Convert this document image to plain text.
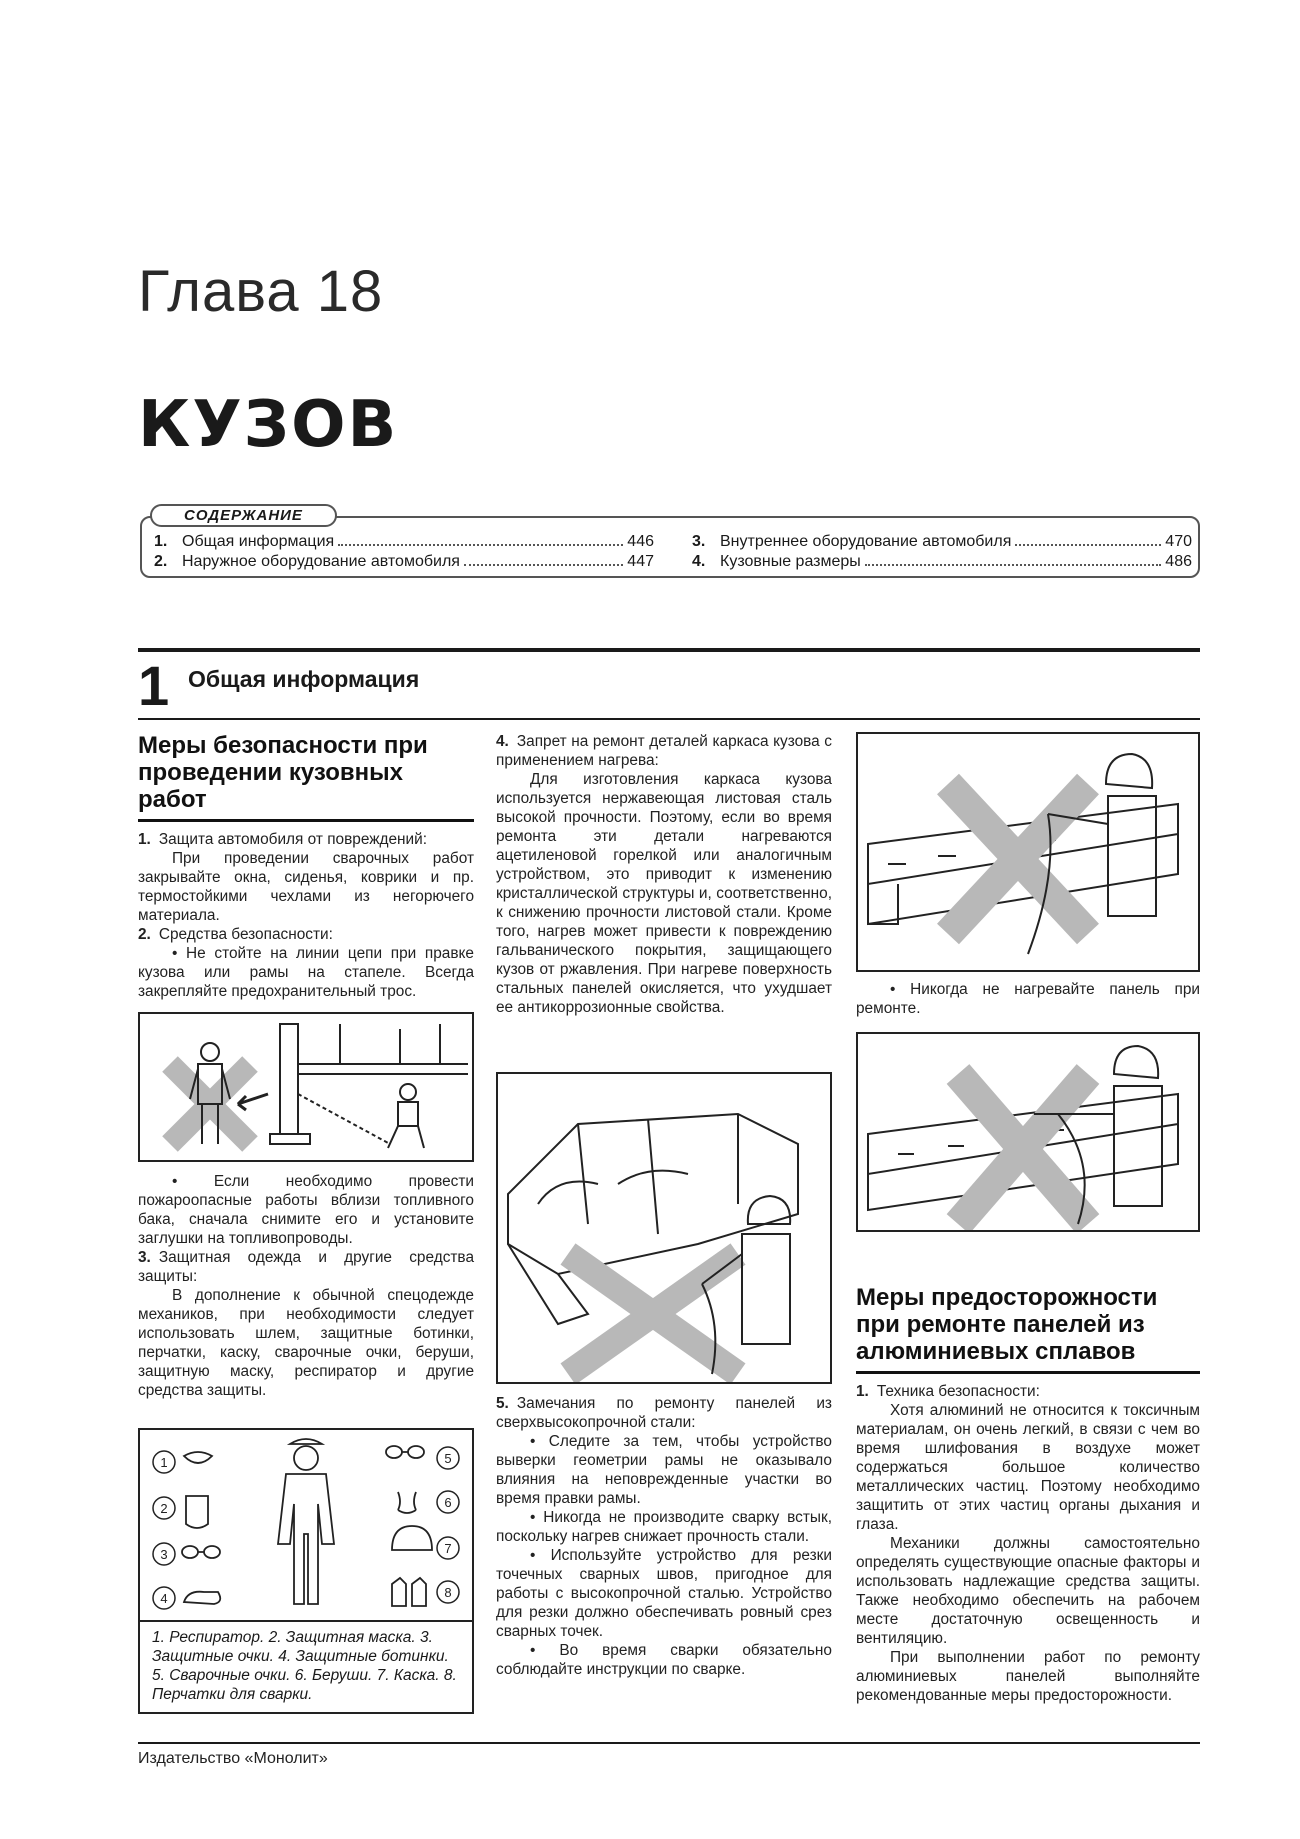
Глава 18
КУЗОВ
СОДЕРЖАНИЕ
1. Общая информация	446
2. Наружное оборудование автомобиля	447
3. Внутреннее оборудование автомобиля	470
4. Кузовные размеры	486
1 Общая информация
Меры безопасности при проведении кузовных работ

1. Защита автомобиля от повреждений:

При проведении сварочных работ закрывайте окна, сиденья, коврики и пр. термостойкими чехлами из негорючего материала.

2. Средства безопасности:

• Не стойте на линии цепи при правке кузова или рамы на стапеле. Всегда закрепляйте предохранительный трос.

• Если необходимо провести пожароопасные работы вблизи топливного бака, сначала снимите его и установите заглушки на топливопроводы.

3. Защитная одежда и другие средства защиты:

В дополнение к обычной спецодежде механиков, при необходимости следует использовать шлем, защитные ботинки, перчатки, каску, сварочные очки, беруши, защитную маску, респиратор и другие средства защиты.

1
2
3
4
5
6
7
8
1. Респиратор. 2. Защитная маска. 3. Защитные очки. 4. Защитные ботинки. 5. Сварочные очки. 6. Беруши. 7. Каска. 8. Перчатки для сварки.

4. Запрет на ремонт деталей каркаса кузова с применением нагрева:

Для изготовления каркаса кузова используется нержавеющая листовая сталь высокой прочности. Поэтому, если во время ремонта эти детали нагреваются ацетиленовой горелкой или аналогичным устройством, это приводит к изменению кристаллической структуры и, соответственно, к снижению прочности листовой стали. Кроме того, нагрев может привести к повреждению гальванического покрытия, защищающего кузов от ржавления. При нагреве поверхность стальных панелей окисляется, что ухудшает ее антикоррозионные свойства.

5. Замечания по ремонту панелей из сверхвысокопрочной стали:

• Следите за тем, чтобы устройство выверки геометрии рамы не оказывало влияния на неповрежденные участки во время правки рамы.

• Никогда не производите сварку встык, поскольку нагрев снижает прочность стали.

• Используйте устройство для резки точечных сварных швов, пригодное для работы с высокопрочной сталью. Устройство для резки должно обеспечивать ровный срез сварных точек.

• Во время сварки обязательно соблюдайте инструкции по сварке.

• Никогда не нагревайте панель при ремонте.

Меры предосторожности при ремонте панелей из алюминиевых сплавов

1. Техника безопасности:

Хотя алюминий не относится к токсичным материалам, он очень легкий, в связи с чем во время шлифования в воздухе может содержаться большое количество металлических частиц. Поэтому необходимо защитить от этих частиц органы дыхания и глаза.

Механики должны самостоятельно определять существующие опасные факторы и использовать надлежащие средства защиты. Также необходимо обеспечить на рабочем месте достаточную освещенность и вентиляцию.

При выполнении работ по ремонту алюминиевых панелей выполняйте рекомендованные меры предосторожности.

Издательство «Монолит»
